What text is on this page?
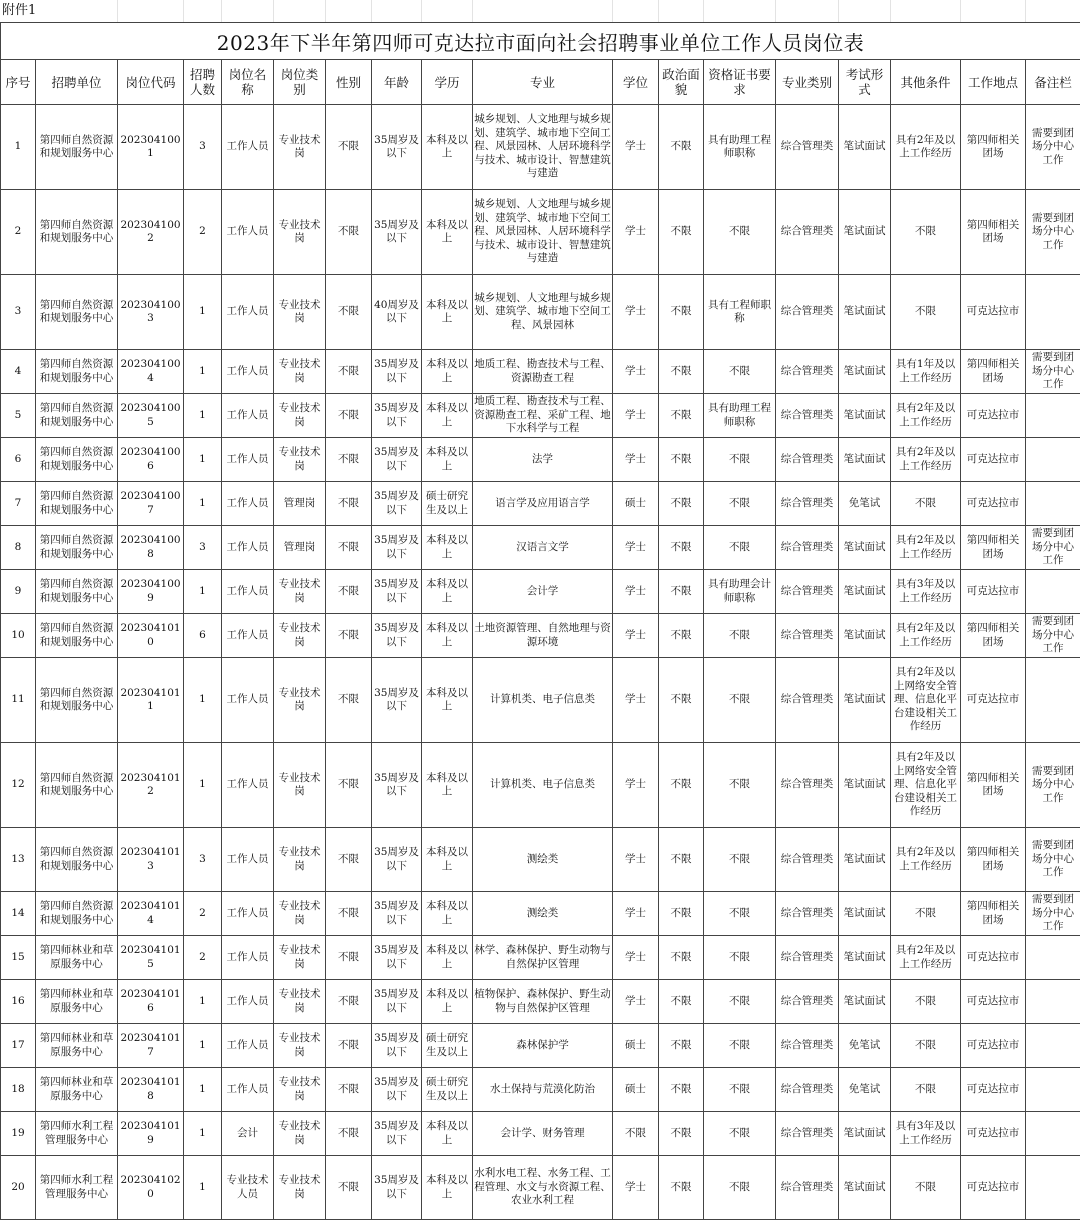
附件1
2023年下半年第四师可克达拉市面向社会招聘事业单位工作人员岗位表
序号	招聘单位	岗位代码	招聘人数	岗位名称	岗位类别	性别	年龄	学历	专业	学位	政治面貌	资格证书要求	专业类别	考试形式	其他条件	工作地点	备注栏
1	第四师自然资源和规划服务中心	2023041001	3	工作人员	专业技术岗	不限	35周岁及以下	本科及以上	城乡规划、人文地理与城乡规划、建筑学、城市地下空间工程、风景园林、人居环境科学与技术、城市设计、智慧建筑与建造	学士	不限	具有助理工程师职称	综合管理类	笔试面试	具有2年及以上工作经历	第四师相关团场	需要到团场分中心工作
2	第四师自然资源和规划服务中心	2023041002	2	工作人员	专业技术岗	不限	35周岁及以下	本科及以上	城乡规划、人文地理与城乡规划、建筑学、城市地下空间工程、风景园林、人居环境科学与技术、城市设计、智慧建筑与建造	学士	不限	不限	综合管理类	笔试面试	不限	第四师相关团场	需要到团场分中心工作
3	第四师自然资源和规划服务中心	2023041003	1	工作人员	专业技术岗	不限	40周岁及以下	本科及以上	城乡规划、人文地理与城乡规划、建筑学、城市地下空间工程、风景园林	学士	不限	具有工程师职称	综合管理类	笔试面试	不限	可克达拉市	
4	第四师自然资源和规划服务中心	2023041004	1	工作人员	专业技术岗	不限	35周岁及以下	本科及以上	地质工程、勘查技术与工程、资源勘查工程	学士	不限	不限	综合管理类	笔试面试	具有1年及以上工作经历	第四师相关团场	需要到团场分中心工作
5	第四师自然资源和规划服务中心	2023041005	1	工作人员	专业技术岗	不限	35周岁及以下	本科及以上	地质工程、勘查技术与工程、资源勘查工程、采矿工程、地下水科学与工程	学士	不限	具有助理工程师职称	综合管理类	笔试面试	具有2年及以上工作经历	可克达拉市	
6	第四师自然资源和规划服务中心	2023041006	1	工作人员	专业技术岗	不限	35周岁及以下	本科及以上	法学	学士	不限	不限	综合管理类	笔试面试	具有2年及以上工作经历	可克达拉市	
7	第四师自然资源和规划服务中心	2023041007	1	工作人员	管理岗	不限	35周岁及以下	硕士研究生及以上	语言学及应用语言学	硕士	不限	不限	综合管理类	免笔试	不限	可克达拉市	
8	第四师自然资源和规划服务中心	2023041008	3	工作人员	管理岗	不限	35周岁及以下	本科及以上	汉语言文学	学士	不限	不限	综合管理类	笔试面试	具有2年及以上工作经历	第四师相关团场	需要到团场分中心工作
9	第四师自然资源和规划服务中心	2023041009	1	工作人员	专业技术岗	不限	35周岁及以下	本科及以上	会计学	学士	不限	具有助理会计师职称	综合管理类	笔试面试	具有3年及以上工作经历	可克达拉市	
10	第四师自然资源和规划服务中心	2023041010	6	工作人员	专业技术岗	不限	35周岁及以下	本科及以上	土地资源管理、自然地理与资源环境	学士	不限	不限	综合管理类	笔试面试	具有2年及以上工作经历	第四师相关团场	需要到团场分中心工作
11	第四师自然资源和规划服务中心	2023041011	1	工作人员	专业技术岗	不限	35周岁及以下	本科及以上	计算机类、电子信息类	学士	不限	不限	综合管理类	笔试面试	具有2年及以上网络安全管理、信息化平台建设相关工作经历	可克达拉市	
12	第四师自然资源和规划服务中心	2023041012	1	工作人员	专业技术岗	不限	35周岁及以下	本科及以上	计算机类、电子信息类	学士	不限	不限	综合管理类	笔试面试	具有2年及以上网络安全管理、信息化平台建设相关工作经历	第四师相关团场	需要到团场分中心工作
13	第四师自然资源和规划服务中心	2023041013	3	工作人员	专业技术岗	不限	35周岁及以下	本科及以上	测绘类	学士	不限	不限	综合管理类	笔试面试	具有2年及以上工作经历	第四师相关团场	需要到团场分中心工作
14	第四师自然资源和规划服务中心	2023041014	2	工作人员	专业技术岗	不限	35周岁及以下	本科及以上	测绘类	学士	不限	不限	综合管理类	笔试面试	不限	第四师相关团场	需要到团场分中心工作
15	第四师林业和草原服务中心	2023041015	2	工作人员	专业技术岗	不限	35周岁及以下	本科及以上	林学、森林保护、野生动物与自然保护区管理	学士	不限	不限	综合管理类	笔试面试	具有2年及以上工作经历	可克达拉市	
16	第四师林业和草原服务中心	2023041016	1	工作人员	专业技术岗	不限	35周岁及以下	本科及以上	植物保护、森林保护、野生动物与自然保护区管理	学士	不限	不限	综合管理类	笔试面试	不限	可克达拉市	
17	第四师林业和草原服务中心	2023041017	1	工作人员	专业技术岗	不限	35周岁及以下	硕士研究生及以上	森林保护学	硕士	不限	不限	综合管理类	免笔试	不限	可克达拉市	
18	第四师林业和草原服务中心	2023041018	1	工作人员	专业技术岗	不限	35周岁及以下	硕士研究生及以上	水土保持与荒漠化防治	硕士	不限	不限	综合管理类	免笔试	不限	可克达拉市	
19	第四师水利工程管理服务中心	2023041019	1	会计	专业技术岗	不限	35周岁及以下	本科及以上	会计学、财务管理	不限	不限	不限	综合管理类	笔试面试	具有3年及以上工作经历	可克达拉市	
20	第四师水利工程管理服务中心	2023041020	1	专业技术人员	专业技术岗	不限	35周岁及以下	本科及以上	水利水电工程、水务工程、工程管理、水文与水资源工程、农业水利工程	学士	不限	不限	综合管理类	笔试面试	不限	可克达拉市	
